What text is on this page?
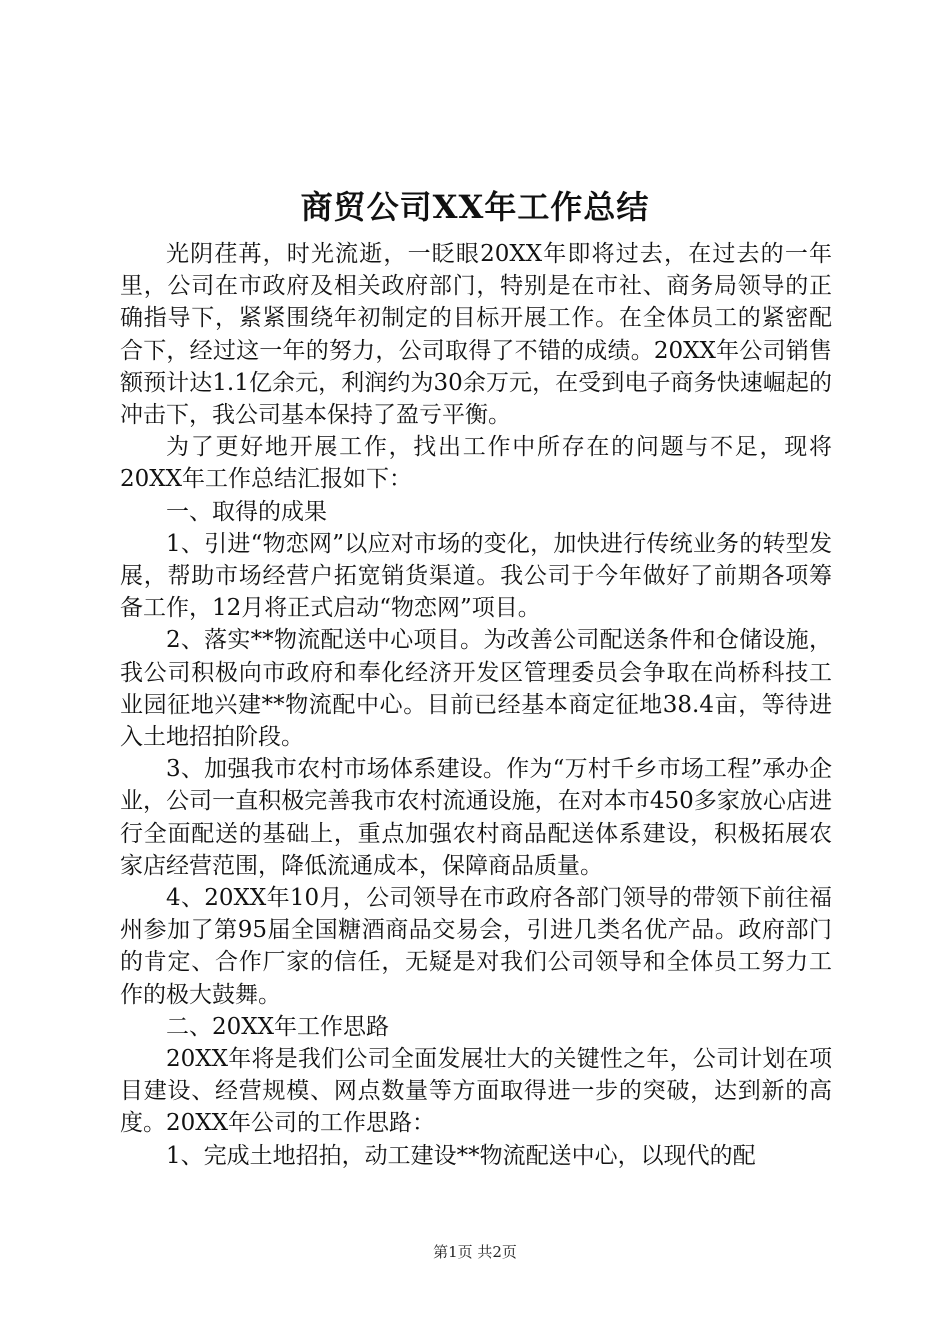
商贸公司XX年工作总结

光阴荏苒，时光流逝，一眨眼20XX年即将过去，在过去的一年里，公司在市政府及相关政府部门，特别是在市社、商务局领导的正确指导下，紧紧围绕年初制定的目标开展工作。在全体员工的紧密配合下，经过这一年的努力，公司取得了不错的成绩。20XX年公司销售额预计达1.1亿余元，利润约为30余万元，在受到电子商务快速崛起的冲击下，我公司基本保持了盈亏平衡。

为了更好地开展工作，找出工作中所存在的问题与不足，现将20XX年工作总结汇报如下：

一、取得的成果

1、引进“物恋网”以应对市场的变化，加快进行传统业务的转型发展，帮助市场经营户拓宽销货渠道。我公司于今年做好了前期各项筹备工作，12月将正式启动“物恋网”项目。

2、落实**物流配送中心项目。为改善公司配送条件和仓储设施，我公司积极向市政府和奉化经济开发区管理委员会争取在尚桥科技工业园征地兴建**物流配中心。目前已经基本商定征地38.4亩，等待进入土地招拍阶段。

3、加强我市农村市场体系建设。作为“万村千乡市场工程”承办企业，公司一直积极完善我市农村流通设施，在对本市450多家放心店进行全面配送的基础上，重点加强农村商品配送体系建设，积极拓展农家店经营范围，降低流通成本，保障商品质量。

4、20XX年10月，公司领导在市政府各部门领导的带领下前往福州参加了第95届全国糖酒商品交易会，引进几类名优产品。政府部门的肯定、合作厂家的信任，无疑是对我们公司领导和全体员工努力工作的极大鼓舞。

二、20XX年工作思路

20XX年将是我们公司全面发展壮大的关键性之年，公司计划在项目建设、经营规模、网点数量等方面取得进一步的突破，达到新的高度。20XX年公司的工作思路：

1、完成土地招拍，动工建设**物流配送中心，以现代的配

第1页 共2页
